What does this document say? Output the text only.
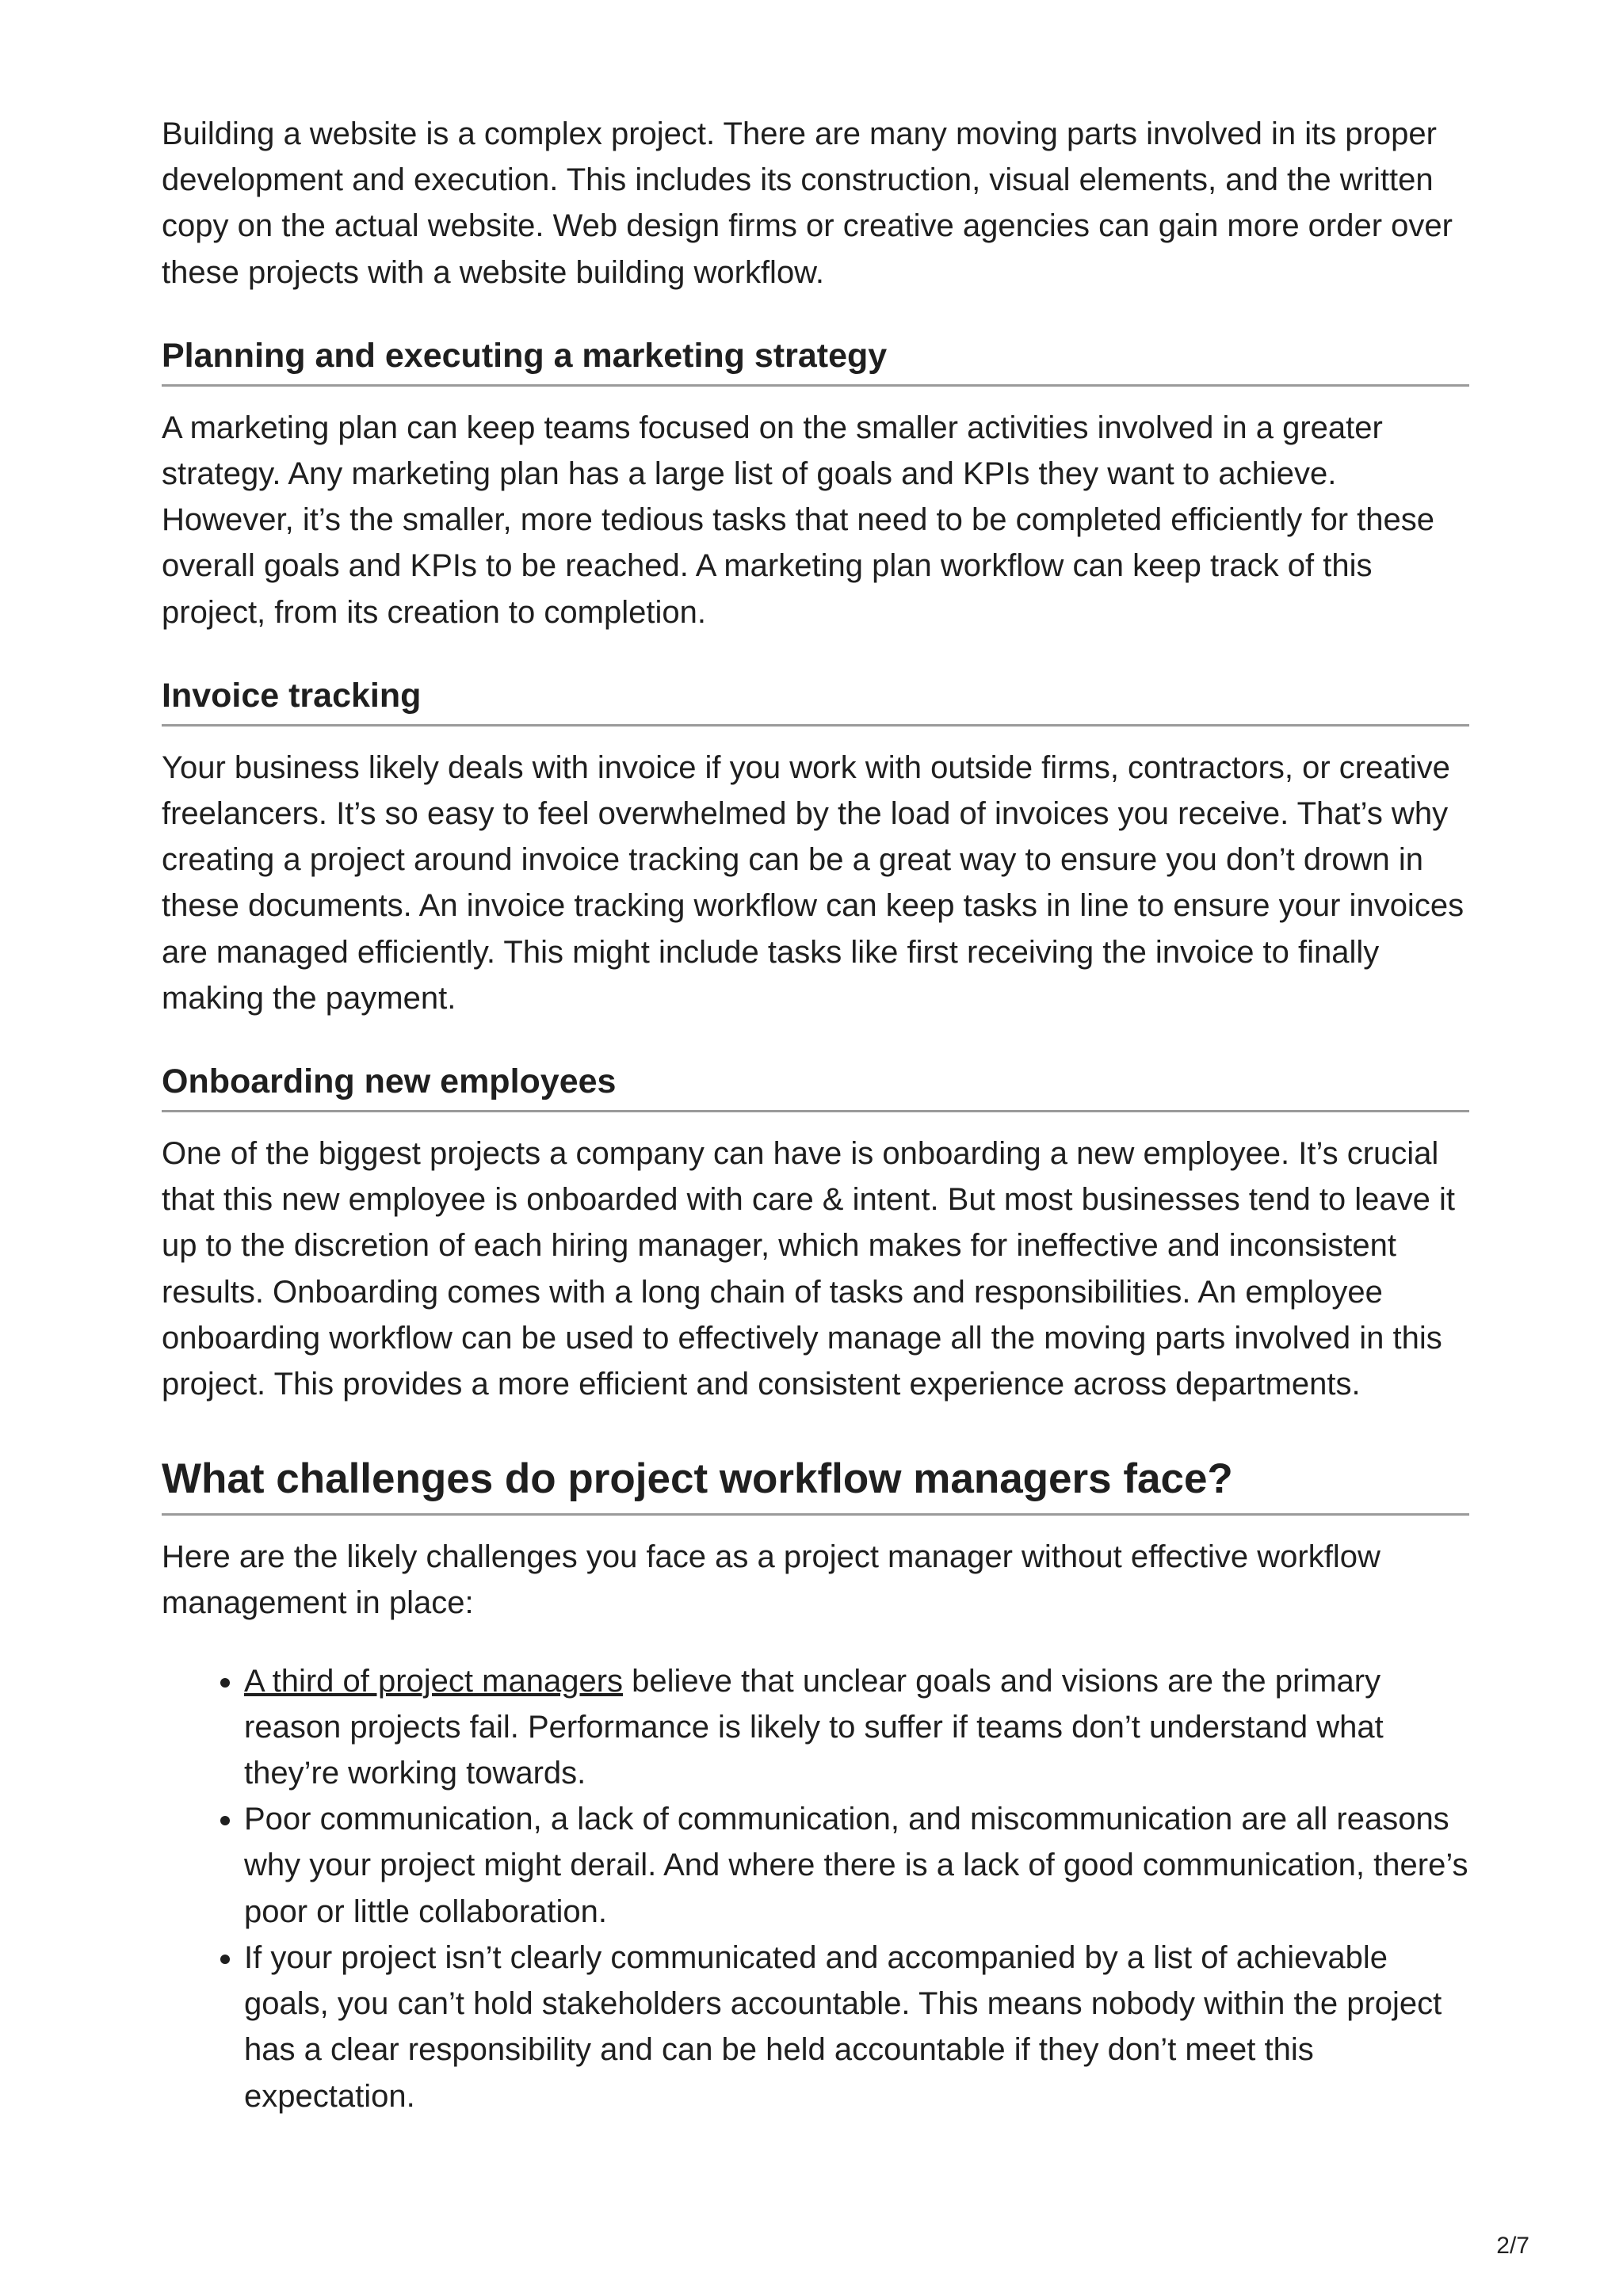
Building a website is a complex project. There are many moving parts involved in its proper development and execution. This includes its construction, visual elements, and the written copy on the actual website. Web design firms or creative agencies can gain more order over these projects with a website building workflow.

Planning and executing a marketing strategy

A marketing plan can keep teams focused on the smaller activities involved in a greater strategy. Any marketing plan has a large list of goals and KPIs they want to achieve. However, it’s the smaller, more tedious tasks that need to be completed efficiently for these overall goals and KPIs to be reached. A marketing plan workflow can keep track of this project, from its creation to completion.

Invoice tracking

Your business likely deals with invoice if you work with outside firms, contractors, or creative freelancers. It’s so easy to feel overwhelmed by the load of invoices you receive. That’s why creating a project around invoice tracking can be a great way to ensure you don’t drown in these documents. An invoice tracking workflow can keep tasks in line to ensure your invoices are managed efficiently. This might include tasks like first receiving the invoice to finally making the payment.

Onboarding new employees

One of the biggest projects a company can have is onboarding a new employee. It’s crucial that this new employee is onboarded with care & intent. But most businesses tend to leave it up to the discretion of each hiring manager, which makes for ineffective and inconsistent results. Onboarding comes with a long chain of tasks and responsibilities. An employee onboarding workflow can be used to effectively manage all the moving parts involved in this project. This provides a more efficient and consistent experience across departments.

What challenges do project workflow managers face?

Here are the likely challenges you face as a project manager without effective workflow management in place:

• A third of project managers believe that unclear goals and visions are the primary reason projects fail. Performance is likely to suffer if teams don’t understand what they’re working towards.
• Poor communication, a lack of communication, and miscommunication are all reasons why your project might derail. And where there is a lack of good communication, there’s poor or little collaboration.
• If your project isn’t clearly communicated and accompanied by a list of achievable goals, you can’t hold stakeholders accountable. This means nobody within the project has a clear responsibility and can be held accountable if they don’t meet this expectation.
2/7
